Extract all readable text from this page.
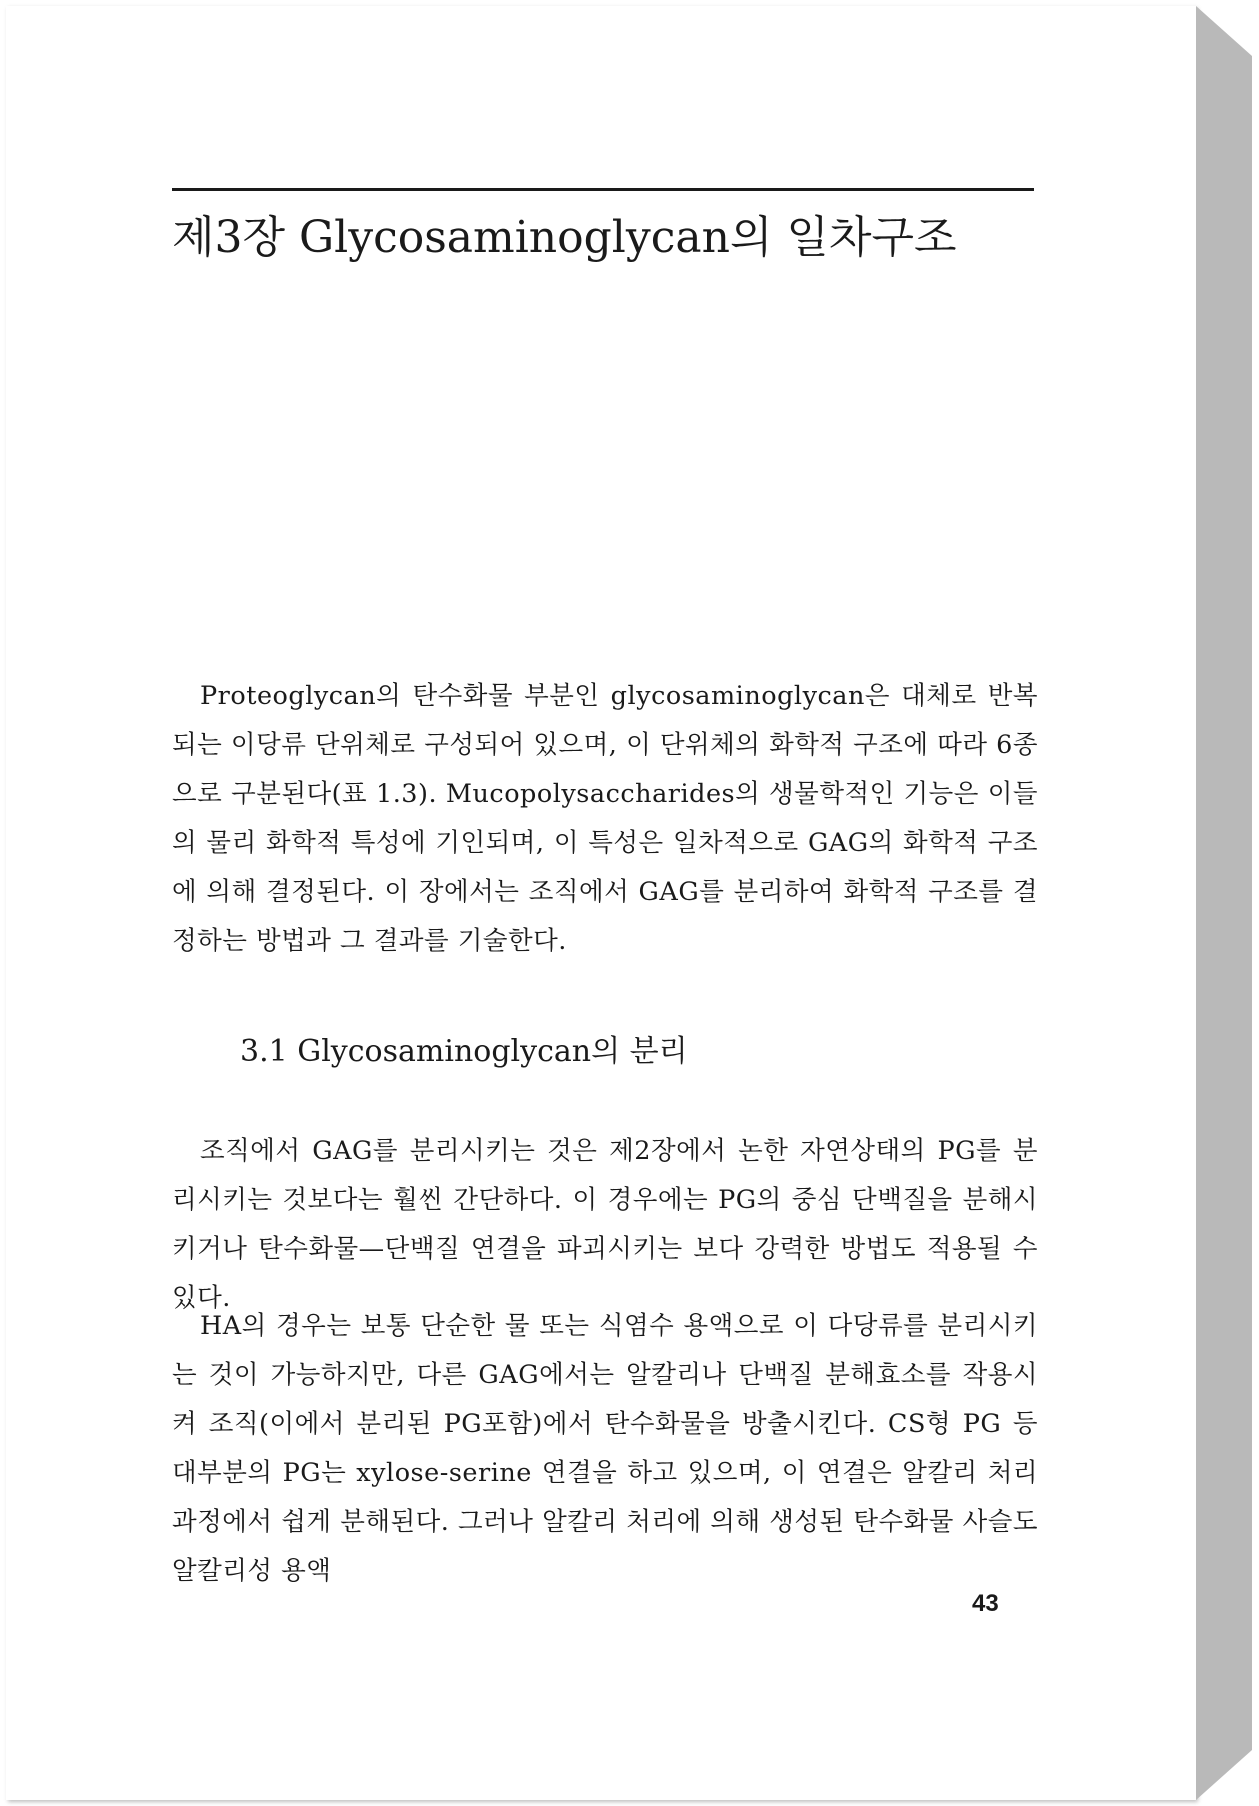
제3장 Glycosaminoglycan의 일차구조

Proteoglycan의 탄수화물 부분인 glycosaminoglycan은 대체로 반복되는 이당류 단위체로 구성되어 있으며, 이 단위체의 화학적 구조에 따라 6종으로 구분된다(표 1.3). Mucopolysaccharides의 생물학적인 기능은 이들의 물리 화학적 특성에 기인되며, 이 특성은 일차적으로 GAG의 화학적 구조에 의해 결정된다. 이 장에서는 조직에서 GAG를 분리하여 화학적 구조를 결정하는 방법과 그 결과를 기술한다.

3.1 Glycosaminoglycan의 분리

조직에서 GAG를 분리시키는 것은 제2장에서 논한 자연상태의 PG를 분리시키는 것보다는 훨씬 간단하다. 이 경우에는 PG의 중심 단백질을 분해시키거나 탄수화물—단백질 연결을 파괴시키는 보다 강력한 방법도 적용될 수 있다.

HA의 경우는 보통 단순한 물 또는 식염수 용액으로 이 다당류를 분리시키는 것이 가능하지만, 다른 GAG에서는 알칼리나 단백질 분해효소를 작용시켜 조직(이에서 분리된 PG포함)에서 탄수화물을 방출시킨다. CS형 PG 등 대부분의 PG는 xylose-serine 연결을 하고 있으며, 이 연결은 알칼리 처리과정에서 쉽게 분해된다. 그러나 알칼리 처리에 의해 생성된 탄수화물 사슬도 알칼리성 용액

43
